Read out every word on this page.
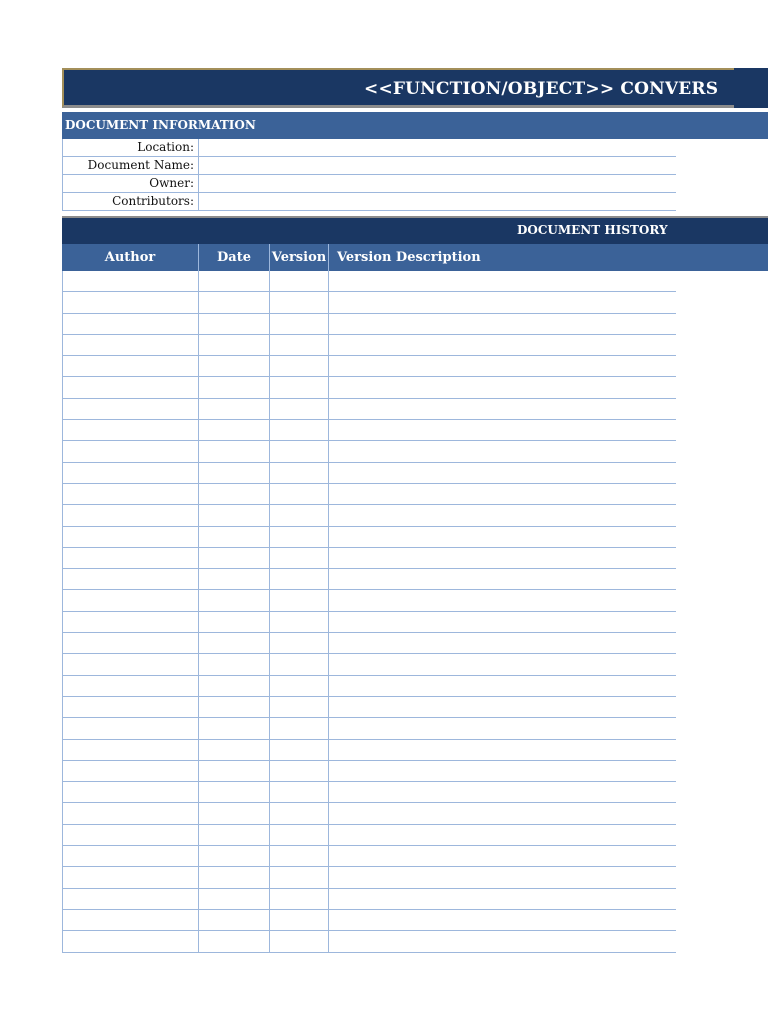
<<FUNCTION/OBJECT>> CONVERS
DOCUMENT INFORMATION
Location:
Document Name:
Owner:
Contributors:
DOCUMENT HISTORY
Author	Date	Version Version Description
